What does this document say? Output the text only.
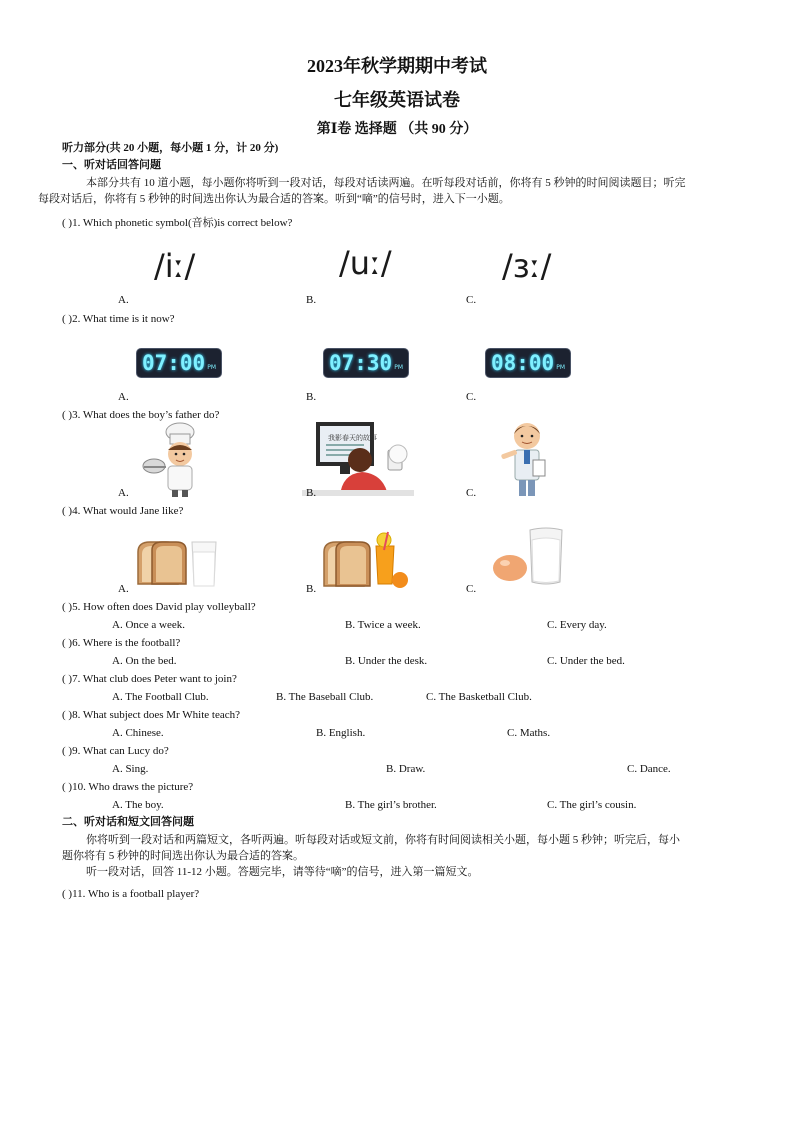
2023年秋学期期中考试
七年级英语试卷
第Ⅰ卷 选择题 （共 90 分）
听力部分(共 20 小题，每小题 1 分，计 20 分)
一、听对话回答问题
本部分共有 10 道小题，每小题你将听到一段对话，每段对话读两遍。在听每段对话前，你将有 5 秒钟的时间阅读题目；听完
每段对话后，你将有 5 秒钟的时间选出你认为最合适的答案。听到“嘀”的信号时，进入下一小题。
( )1. Which phonetic symbol(音标)is correct below?
/iː/	/uː/	/ɜː/
A.	B.	C.
( )2. What time is it now?
07:00 PM	07:30 PM	08:00 PM
A.	B.	C.
( )3. What does the boy’s father do?
我影春天的故事
A.	B.	C.
( )4. What would Jane like?
A.	B.	C.
( )5. How often does David play volleyball?
A. Once a week.	B. Twice a week.	C. Every day.
( )6. Where is the football?
A. On the bed.	B. Under the desk.	C. Under the bed.
( )7. What club does Peter want to join?
A. The Football Club.	B. The Baseball Club.	C. The Basketball Club.
( )8. What subject does Mr White teach?
A. Chinese.	B. English.	C. Maths.
( )9. What can Lucy do?
A. Sing.	B. Draw.	C. Dance.
( )10. Who draws the picture?
A. The boy.	B. The girl’s brother.	C. The girl’s cousin.
二、听对话和短文回答问题
你将听到一段对话和两篇短文，各听两遍。听每段对话或短文前，你将有时间阅读相关小题，每小题 5 秒钟；听完后，每小
题你将有 5 秒钟的时间选出你认为最合适的答案。
听一段对话，回答 11-12 小题。答题完毕，请等待“嘀”的信号，进入第一篇短文。
( )11. Who is a football player?
